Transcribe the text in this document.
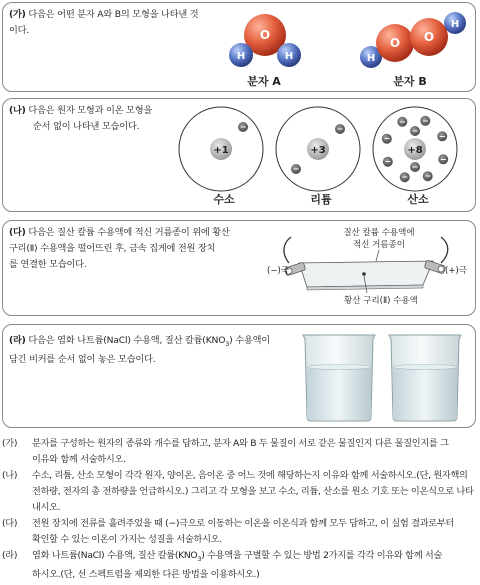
(가) 다음은 어떤 분자 A와 B의 모형을 나타낸 것
이다.	O
H	H
분자 A
H
H
O O
분자 B
(나) 다음은 원자 모형과 이온 모형을
순서 없이 나타낸 모습이다.
+1
−
+3
−
−
+8
−
−
−
−
−
−
−
−
−
−
수소	리튬	산소
(다) 다음은 질산 칼륨 수용액에 적신 거름종이 위에 황산
구리(Ⅱ) 수용액을 떨어뜨린 후, 금속 집게에 전원 장치
를 연결한 모습이다.
질산 칼륨 수용액에
적신 거름종이
(−)극	(+)극
황산 구리(Ⅱ) 수용액
(라) 다음은 염화 나트륨(NaCl) 수용액, 질산 칼륨$(KNO_3)$ 수용액이
담긴 비커를 순서 없이 놓은 모습이다.
(가)	분자를 구성하는 원자의 종류와 개수를 답하고, 분자 A와 B 두 물질이 서로 같은 물질인지 다른 물질인지를 그
이유와 함께 서술하시오.
(나)	수소, 리튬, 산소 모형이 각각 원자, 양이온, 음이온 중 어느 것에 해당하는지 이유와 함께 서술하시오.(단, 원자핵의
전하량, 전자의 총 전하량을 언급하시오.) 그리고 각 모형을 보고 수소, 리튬, 산소를 원소 기호 또는 이온식으로 나타
내시오.
(다)	전원 장치에 전류를 흘려주었을 때 (−)극으로 이동하는 이온을 이온식과 함께 모두 답하고, 이 실험 결과로부터
확인할 수 있는 이온이 가지는 성질을 서술하시오.
(라)	염화 나트륨(NaCl) 수용액, 질산 칼륨$(KNO_3)$ 수용액을 구별할 수 있는 방법 2가지를 각각 이유와 함께 서술
하시오.(단, 선 스펙트럼을 제외한 다른 방법을 이용하시오.)
